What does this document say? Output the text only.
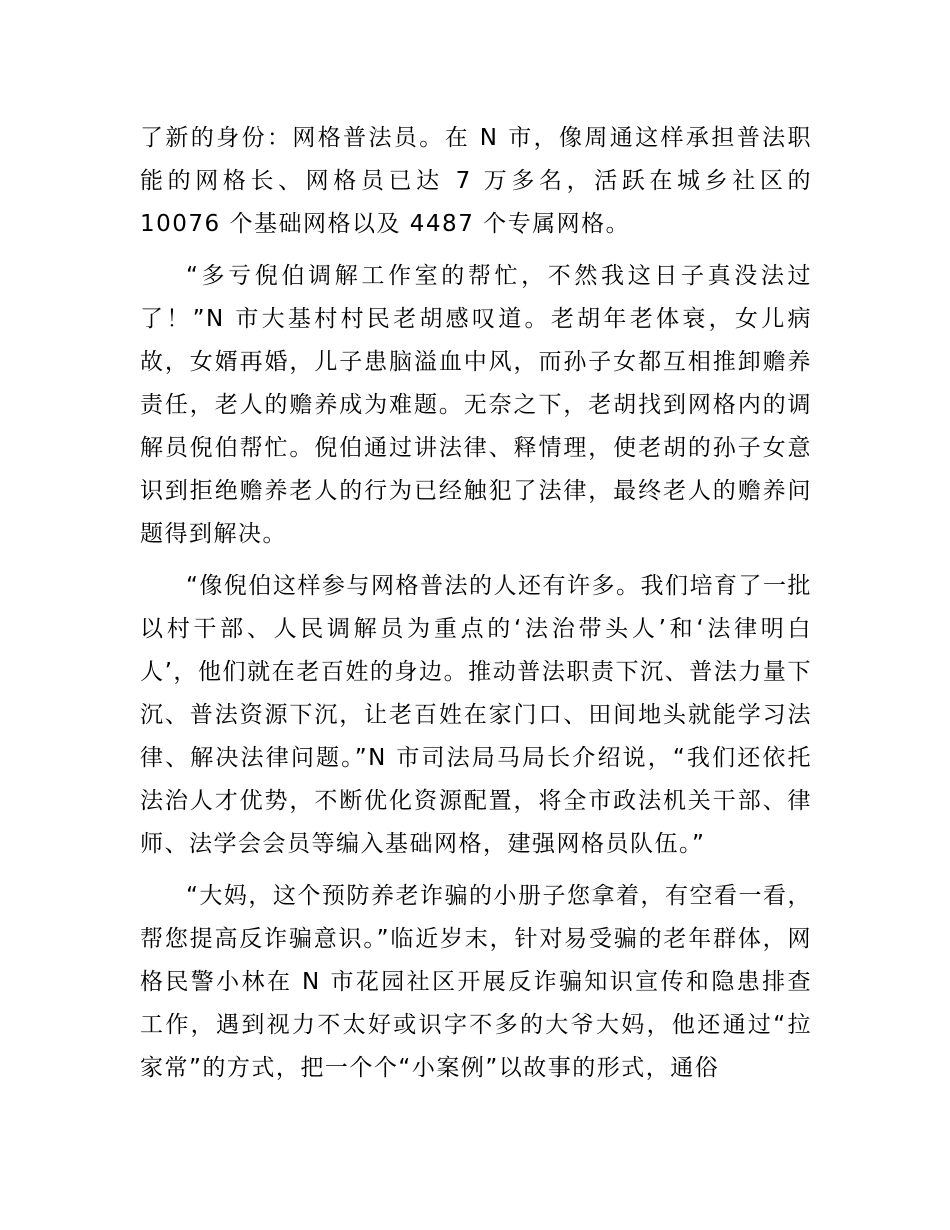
了新的身份：网格普法员。在 N 市，像周通这样承担普法职能的网格长、网格员已达 7 万多名，活跃在城乡社区的 10076 个基础网格以及 4487 个专属网格。

“多亏倪伯调解工作室的帮忙，不然我这日子真没法过了！”N 市大基村村民老胡感叹道。老胡年老体衰，女儿病故，女婿再婚，儿子患脑溢血中风，而孙子女都互相推卸赡养责任，老人的赡养成为难题。无奈之下，老胡找到网格内的调解员倪伯帮忙。倪伯通过讲法律、释情理，使老胡的孙子女意识到拒绝赡养老人的行为已经触犯了法律，最终老人的赡养问题得到解决。

“像倪伯这样参与网格普法的人还有许多。我们培育了一批以村干部、人民调解员为重点的‘法治带头人’和‘法律明白人’，他们就在老百姓的身边。推动普法职责下沉、普法力量下沉、普法资源下沉，让老百姓在家门口、田间地头就能学习法律、解决法律问题。”N 市司法局马局长介绍说，“我们还依托法治人才优势，不断优化资源配置，将全市政法机关干部、律师、法学会会员等编入基础网格，建强网格员队伍。”

“大妈，这个预防养老诈骗的小册子您拿着，有空看一看，帮您提高反诈骗意识。”临近岁末，针对易受骗的老年群体，网格民警小林在 N 市花园社区开展反诈骗知识宣传和隐患排查工作，遇到视力不太好或识字不多的大爷大妈，他还通过“拉家常”的方式，把一个个“小案例”以故事的形式，通俗
